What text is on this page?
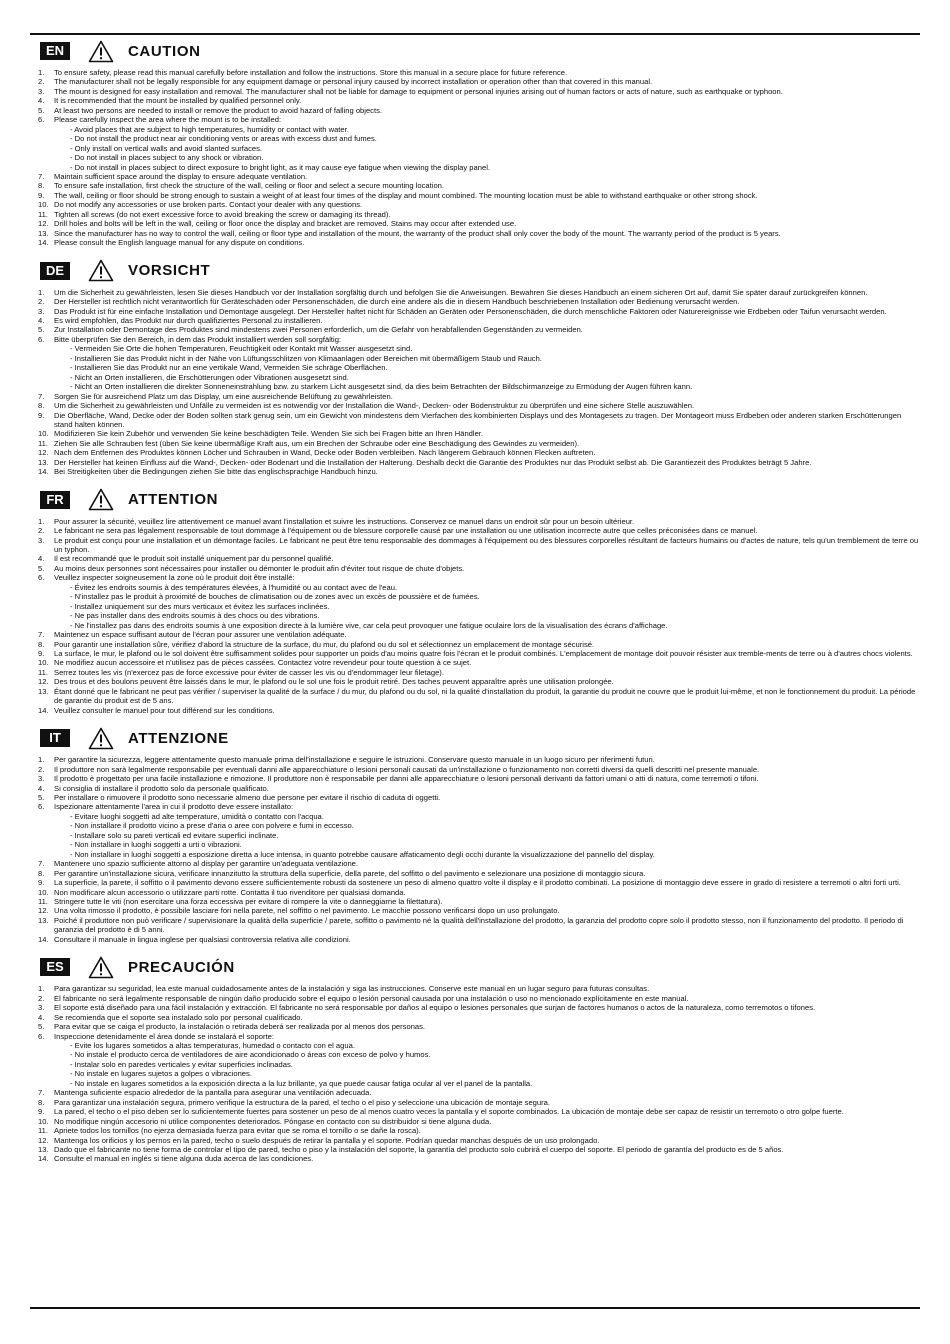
EN	CAUTION
1.	To ensure safety, please read this manual carefully before installation and follow the instructions. Store this manual in a secure place for future reference.
2.	The manufacturer shall not be legally responsible for any equipment damage or personal injury caused by incorrect installation or operation other than that covered in this manual.
3.	The mount is designed for easy installation and removal. The manufacturer shall not be liable for damage to equipment or personal injuries arising out of human factors or acts of nature, such as earthquake or typhoon.
4.	It is recommended that the mount be installed by qualified personnel only.
5.	At least two persons are needed to install or remove the product to avoid hazard of falling objects.
6.	Please carefully inspect the area where the mount is to be installed:
- Avoid places that are subject to high temperatures, humidity or contact with water.
- Do not install the product near air conditioning vents or areas with excess dust and fumes.
- Only install on vertical walls and avoid slanted surfaces.
- Do not install in places subject to any shock or vibration.
- Do not install in places subject to direct exposure to bright light, as it may cause eye fatigue when viewing the display panel.
7.	Maintain sufficient space around the display to ensure adequate ventilation.
8.	To ensure safe installation, first check the structure of the wall, ceiling or floor and select a secure mounting location.
9.	The wall, ceiling or floor should be strong enough to sustain a weight of at least four times of the display and mount combined. The mounting location must be able to withstand earthquake or other strong shock.
10. Do not modify any accessories or use broken parts. Contact your dealer with any questions.
11. Tighten all screws (do not exert excessive force to avoid breaking the screw or damaging its thread).
12. Drill holes and bolts will be left in the wall, ceiling or floor once the display and bracket are removed. Stains may occur after extended use.
13. Since the manufacturer has no way to control the wall, ceiling or floor type and installation of the mount, the warranty of the product shall only cover the body of the mount. The warranty period of the product is 5 years.
14. Please consult the English language manual for any dispute on conditions.
DE	VORSICHT
1.	Um die Sicherheit zu gewährleisten, lesen Sie dieses Handbuch vor der Installation sorgfältig durch und befolgen Sie die Anweisungen. Bewahren Sie dieses Handbuch an einem sicheren Ort auf, damit Sie später darauf zurückgreifen können.
2.	Der Hersteller ist rechtlich nicht verantwortlich für Geräteschäden oder Personenschäden, die durch eine andere als die in diesem Handbuch beschriebenen Installation oder Bedienung verursacht werden.
3.	Das Produkt ist für eine einfache Installation und Demontage ausgelegt. Der Hersteller haftet nicht für Schäden an Geräten oder Personenschäden, die durch menschliche Faktoren oder Naturereignisse wie Erdbeben oder Taifun verursacht werden.
4.	Es wird empfohlen, das Produkt nur durch qualifiziertes Personal zu installieren.
5.	Zur Installation oder Demontage des Produktes sind mindestens zwei Personen erforderlich, um die Gefahr von herabfallenden Gegenständen zu vermeiden.
6.	Bitte überprüfen Sie den Bereich, in dem das Produkt installiert werden soll sorgfältig:
- Vermeiden Sie Orte die hohen Temperaturen, Feuchtigkeit oder Kontakt mit Wasser ausgesetzt sind.
- Installieren Sie das Produkt nicht in der Nähe von Lüftungsschlitzen von Klimaanlagen oder Bereichen mit übermäßigem Staub und Rauch.
- Installieren Sie das Produkt nur an eine vertikale Wand, Vermeiden Sie schräge Oberflächen.
- Nicht an Orten installieren, die Erschütterungen oder Vibrationen ausgesetzt sind.
- Nicht an Orten installieren die direkter Sonneneinstrahlung bzw. zu starkem Licht ausgesetzt sind, da dies beim Betrachten der Bildschirmanzeige zu Ermüdung der Augen führen kann.
7.	Sorgen Sie für ausreichend Platz um das Display, um eine ausreichende Belüftung zu gewährleisten.
8.	Um die Sicherheit zu gewährleisten und Unfälle zu vermeiden ist es notwendig vor der Installation die Wand-, Decken- oder Bodenstruktur zu überprüfen und eine sichere Stelle auszuwählen.
9.	Die Oberfläche, Wand, Decke oder der Boden sollten stark genug sein, um ein Gewicht von mindestens dem Vierfachen des kombinierten Displays und des Montagesets zu tragen. Der Montageort muss Erdbeben oder anderen starken Erschütterungen stand halten können.
10. Modifizieren Sie kein Zubehör und verwenden Sie keine beschädigten Teile. Wenden Sie sich bei Fragen bitte an Ihren Händler.
11. Ziehen Sie alle Schrauben fest (üben Sie keine übermäßige Kraft aus, um ein Brechen der Schraube oder eine Beschädigung des Gewindes zu vermeiden).
12. Nach dem Entfernen des Produktes können Löcher und Schrauben in Wand, Decke oder Boden verbleiben. Nach längerem Gebrauch können Flecken auftreten.
13. Der Hersteller hat keinen Einfluss auf die Wand-, Decken- oder Bodenart und die Installation der Halterung. Deshalb deckt die Garantie des Produktes nur das Produkt selbst ab. Die Garantiezeit des Produktes beträgt 5 Jahre.
14. Bei Streitigkeiten über die Bedingungen ziehen Sie bitte das englischsprachige Handbuch hinzu.
FR	ATTENTION
1.	Pour assurer la sécurité, veuillez lire attentivement ce manuel avant l'installation et suivre les instructions. Conservez ce manuel dans un endroit sûr pour un besoin ultérieur.
2.	Le fabricant ne sera pas légalement responsable de tout dommage à l'équipement ou de blessure corporelle causé par une installation ou une utilisation incorrecte autre que celles préconisées dans ce manuel.
3.	Le produit est conçu pour une installation et un démontage faciles. Le fabricant ne peut être tenu responsable des dommages à l'équipement ou des blessures corporelles résultant de facteurs humains ou d'actes de nature, tels qu'un tremblement de terre ou un typhon.
4.	Il est recommandé que le produit soit installé uniquement par du personnel qualifié.
5.	Au moins deux personnes sont nécessaires pour installer ou démonter le produit afin d'éviter tout risque de chute d'objets.
6.	Veuillez inspecter soigneusement la zone où le produit doit être installé:
- Évitez les endroits soumis à des températures élevées, à l'humidité ou au contact avec de l'eau.
- N'installez pas le produit à proximité de bouches de climatisation ou de zones avec un excès de poussière et de fumées.
- Installez uniquement sur des murs verticaux et évitez les surfaces inclinées.
- Ne pas installer dans des endroits soumis à des chocs ou des vibrations.
- Ne l'installez pas dans des endroits soumis à une exposition directe à la lumière vive, car cela peut provoquer une fatigue oculaire lors de la visualisation des écrans d'affichage.
7.	Maintenez un espace suffisant autour de l'écran pour assurer une ventilation adéquate.
8.	Pour garantir une installation sûre, vérifiez d'abord la structure de la surface, du mur, du plafond ou du sol et sélectionnez un emplacement de montage sécurisé.
9.	La surface, le mur, le plafond ou le sol doivent être suffisamment solides pour supporter un poids d'au moins quatre fois l'écran et le produit combinés. L'emplacement de montage doit pouvoir résister aux tremble-ments de terre ou à d'autres chocs violents.
10. Ne modifiez aucun accessoire et n'utilisez pas de pièces cassées. Contactez votre revendeur pour toute question à ce sujet.
11. Serrez toutes les vis (n'exercez pas de force excessive pour éviter de casser les vis ou d'endommager leur filetage).
12. Des trous et des boulons peuvent être laissés dans le mur, le plafond ou le sol une fois le produit retiré. Des taches peuvent apparaître après une utilisation prolongée.
13. Étant donné que le fabricant ne peut pas vérifier / superviser la qualité de la surface / du mur, du plafond ou du sol, ni la qualité d'installation du produit, la garantie du produit ne couvre que le produit lui-même, et non le fonctionnement du produit. La période de garantie du produit est de 5 ans.
14. Veuillez consulter le manuel pour tout différend sur les conditions.
IT	ATTENZIONE
1.	Per garantire la sicurezza, leggere attentamente questo manuale prima dell'installazione e seguire le istruzioni. Conservare questo manuale in un luogo sicuro per riferimenti futuri.
2.	Il produttore non sarà legalmente responsabile per eventuali danni alle apparecchiature o lesioni personali causati da un'installazione o funzionamento non corretti diversi da quelli descritti nel presente manuale.
3.	Il prodotto è progettato per una facile installazione e rimozione. Il produttore non è responsabile per danni alle apparecchiature o lesioni personali derivanti da fattori umani o atti di natura, come terremoti o tifoni.
4.	Si consiglia di installare il prodotto solo da personale qualificato.
5.	Per installare o rimuovere il prodotto sono necessarie almeno due persone per evitare il rischio di caduta di oggetti.
6.	Ispezionare attentamente l'area in cui il prodotto deve essere installato:
- Evitare luoghi soggetti ad alte temperature, umidità o contatto con l'acqua.
- Non installare il prodotto vicino a prese d'aria o aree con polvere e fumi in eccesso.
- Installare solo su pareti verticali ed evitare superfici inclinate.
- Non installare in luoghi soggetti a urti o vibrazioni.
- Non installare in luoghi soggetti a esposizione diretta a luce intensa, in quanto potrebbe causare affaticamento degli occhi durante la visualizzazione del pannello del display.
7.	Mantenere uno spazio sufficiente attorno al display per garantire un'adeguata ventilazione.
8.	Per garantire un'installazione sicura, verificare innanzitutto la struttura della superficie, della parete, del soffitto o del pavimento e selezionare una posizione di montaggio sicura.
9.	La superficie, la parete, il soffitto o il pavimento devono essere sufficientemente robusti da sostenere un peso di almeno quattro volte il display e il prodotto combinati. La posizione di montaggio deve essere in grado di resistere a terremoti o altri forti urti.
10. Non modificare alcun accessorio o utilizzare parti rotte. Contatta il tuo rivenditore per qualsiasi domanda.
11. Stringere tutte le viti (non esercitare una forza eccessiva per evitare di rompere la vite o danneggiarne la filettatura).
12. Una volta rimosso il prodotto, è possibile lasciare fori nella parete, nel soffitto o nel pavimento. Le macchie possono verificarsi dopo un uso prolungato.
13. Poiché il produttore non può verificare / supervisionare la qualità della superficie / parete, soffitto o pavimento né la qualità dell'installazione del prodotto, la garanzia del prodotto copre solo il prodotto stesso, non il funzionamento del prodotto. Il periodo di garanzia del prodotto è di 5 anni.
14. Consultare il manuale in lingua inglese per qualsiasi controversia relativa alle condizioni.
ES	PRECAUCIÓN
1.	Para garantizar su seguridad, lea este manual cuidadosamente antes de la instalación y siga las instrucciones. Conserve este manual en un lugar seguro para futuras consultas.
2.	El fabricante no será legalmente responsable de ningún daño producido sobre el equipo o lesión personal causada por una instalación o uso no mencionado explícitamente en este manual.
3.	El soporte está diseñado para una fácil instalación y extracción. El fabricante no será responsable por daños al equipo o lesiones personales que surjan de factores humanos o actos de la naturaleza, como terremotos o tifones.
4.	Se recomienda que el soporte sea instalado solo por personal cualificado.
5.	Para evitar que se caiga el producto, la instalación o retirada deberá ser realizada por al menos dos personas.
6.	Inspeccione detenidamente el área donde se instalará el soporte:
- Evite los lugares sometidos a altas temperaturas, humedad o contacto con el agua.
- No instale el producto cerca de ventiladores de aire acondicionado o áreas con exceso de polvo y humos.
- Instalar solo en paredes verticales y evitar superficies inclinadas.
- No instale en lugares sujetos a golpes o vibraciones.
- No instale en lugares sometidos a la exposición directa a la luz brillante, ya que puede causar fatiga ocular al ver el panel de la pantalla.
7.	Mantenga suficiente espacio alrededor de la pantalla para asegurar una ventilación adecuada.
8.	Para garantizar una instalación segura, primero verifique la estructura de la pared, el techo o el piso y seleccione una ubicación de montaje segura.
9.	La pared, el techo o el piso deben ser lo suficientemente fuertes para sostener un peso de al menos cuatro veces la pantalla y el soporte combinados. La ubicación de montaje debe ser capaz de resistir un terremoto o otro golpe fuerte.
10. No modifique ningún accesorio ni utilice componentes deteriorados. Póngase en contacto con su distribuidor si tiene alguna duda.
11. Apriete todos los tornillos (no ejerza demasiada fuerza para evitar que se roma el tornillo o se dañe la rosca).
12. Mantenga los orificios y los pernos en la pared, techo o suelo después de retirar la pantalla y el soporte. Podrían quedar manchas después de un uso prolongado.
13. Dado que el fabricante no tiene forma de controlar el tipo de pared, techo o piso y la instalación del soporte, la garantía del producto solo cubrirá el cuerpo del soporte. El periodo de garantía del producto es de 5 años.
14. Consulte el manual en inglés si tiene alguna duda acerca de las condiciones.
